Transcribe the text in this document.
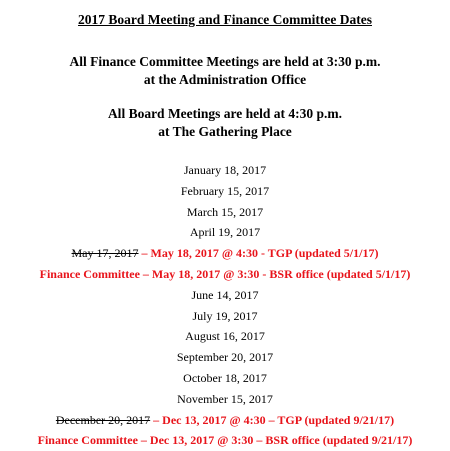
2017 Board Meeting and Finance Committee Dates
All Finance Committee Meetings are held at 3:30 p.m.
at the Administration Office
All Board Meetings are held at 4:30 p.m.
at The Gathering Place
January 18, 2017
February 15, 2017
March 15, 2017
April 19, 2017
May 17, 2017 – May 18, 2017 @ 4:30 - TGP (updated 5/1/17)
Finance Committee – May 18, 2017 @ 3:30 - BSR office (updated 5/1/17)
June 14, 2017
July 19, 2017
August 16, 2017
September 20, 2017
October 18, 2017
November 15, 2017
December 20, 2017 – Dec 13, 2017 @ 4:30 – TGP (updated 9/21/17)
Finance Committee – Dec 13, 2017 @ 3:30 – BSR office (updated 9/21/17)
